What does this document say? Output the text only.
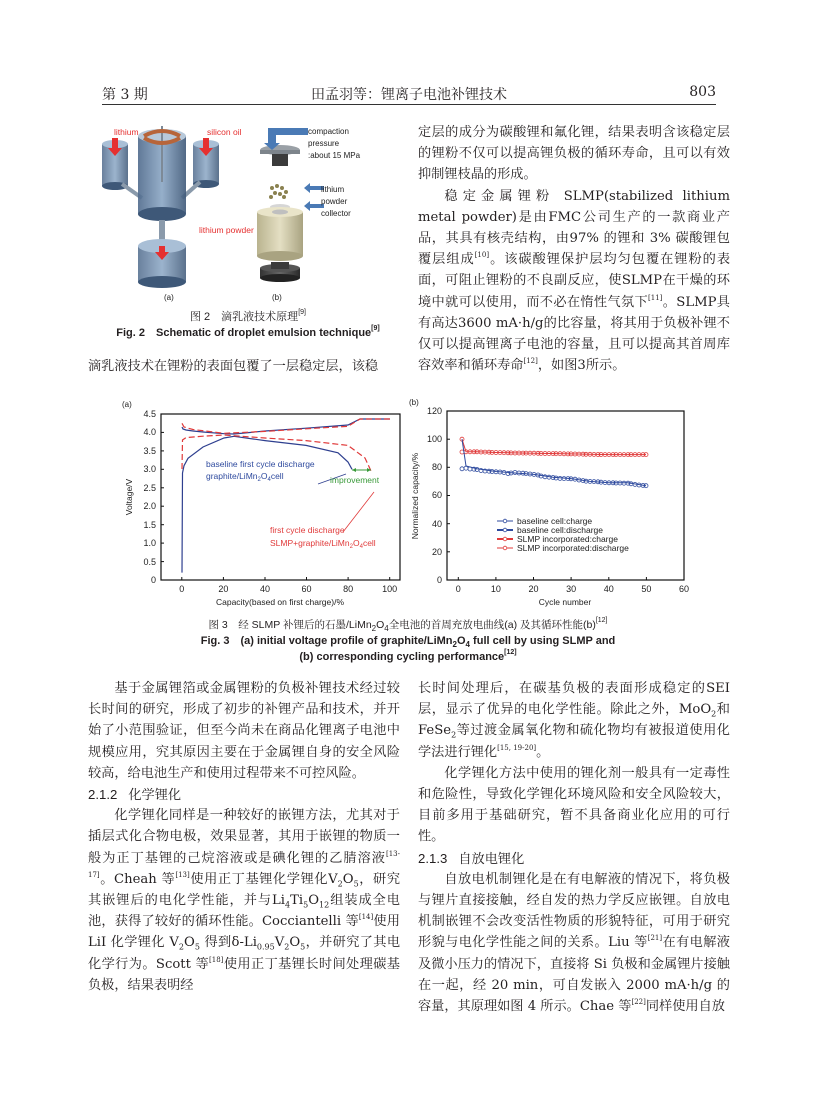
第 3 期	田孟羽等：锂离子电池补锂技术	803
lithium	silicon oil
lithium powder
compaction
pressure
:about 15 MPa
lithium
powder
collector
(a)	(b)
图 2　滴乳液技术原理[9]
Fig. 2　Schematic of droplet emulsion technique[9]

滴乳液技术在锂粉的表面包覆了一层稳定层，该稳

定层的成分为碳酸锂和氟化锂，结果表明含该稳定层的锂粉不仅可以提高锂负极的循环寿命，且可以有效抑制锂枝晶的形成。

稳定金属锂粉 SLMP(stabilized lithium metal powder)是由FMC公司生产的一款商业产品，其具有核壳结构，由97% 的锂和 3% 碳酸锂包覆层组成[10]。该碳酸锂保护层均匀包覆在锂粉的表面，可阻止锂粉的不良副反应，使SLMP在干燥的环境中就可以使用，而不必在惰性气氛下[11]。SLMP具有高达3600 mA·h/g的比容量，将其用于负极补锂不仅可以提高锂离子电池的容量，且可以提高其首周库容效率和循环寿命[12]，如图3所示。

(a)
0
0.5
1.0
1.5
2.0
2.5
3.0
3.5
4.0
4.5
0	20	40	60	80	100
Capacity(based on first charge)/%
Voltage/V
baseline first cycle discharge
graphite/$LiMn_2O_4cell$	improvement
first cycle discharge
$SLMP+graphite/LiMn_2O_4cell$
(b)
0
20
40
60
80
100
120
0	10	20	30	40	50	60
Cycle number
Normalized capacity/%	baseline cell:charge
baseline cell:discharge
SLMP incorporated:charge
SLMP incorporated:discharge
图 3　经 SLMP 补锂后的石墨$/LiMn_2O_4$全电池的首周充放电曲线(a) 及其循环性能(b)[12]
Fig. 3　(a) initial voltage profile of graphite/$LiMn_2O_4$ full cell by using SLMP and
(b) corresponding cycling performance[12]

基于金属锂箔或金属锂粉的负极补锂技术经过较长时间的研究，形成了初步的补锂产品和技术，并开始了小范围验证，但至今尚未在商品化锂离子电池中规模应用，究其原因主要在于金属锂自身的安全风险较高，给电池生产和使用过程带来不可控风险。

2.1.2 化学锂化

化学锂化同样是一种较好的嵌锂方法，尤其对于插层式化合物电极，效果显著，其用于嵌锂的物质一般为正丁基锂的己烷溶液或是碘化锂的乙腈溶液[13-17]。Cheah 等[13]使用正丁基锂化学锂化$V_2O_5$，研究其嵌锂后的电化学性能，并与$Li_4Ti_5O_{12}$组装成全电池，获得了较好的循环性能。Cocciantelli 等[14]使用 LiI 化学锂化 $V_2O_5$ 得到$\delta-Li_{0.95}V_2O_5$，并研究了其电化学行为。Scott 等[18]使用正丁基锂长时间处理碳基负极，结果表明经

长时间处理后，在碳基负极的表面形成稳定的SEI层，显示了优异的电化学性能。除此之外，MoO$_2$和 FeSe$_2$等过渡金属氧化物和硫化物均有被报道使用化学法进行锂化[15, 19-20]。

化学锂化方法中使用的锂化剂一般具有一定毒性和危险性，导致化学锂化环境风险和安全风险较大，目前多用于基础研究，暂不具备商业化应用的可行性。

2.1.3 自放电锂化

自放电机制锂化是在有电解液的情况下，将负极与锂片直接接触，经自发的热力学反应嵌锂。自放电机制嵌锂不会改变活性物质的形貌特征，可用于研究形貌与电化学性能之间的关系。Liu 等[21]在有电解液及微小压力的情况下，直接将 Si 负极和金属锂片接触在一起，经 20 min，可自发嵌入 2000 mA·h/g 的容量，其原理如图 4 所示。Chae 等[22]同样使用自放
